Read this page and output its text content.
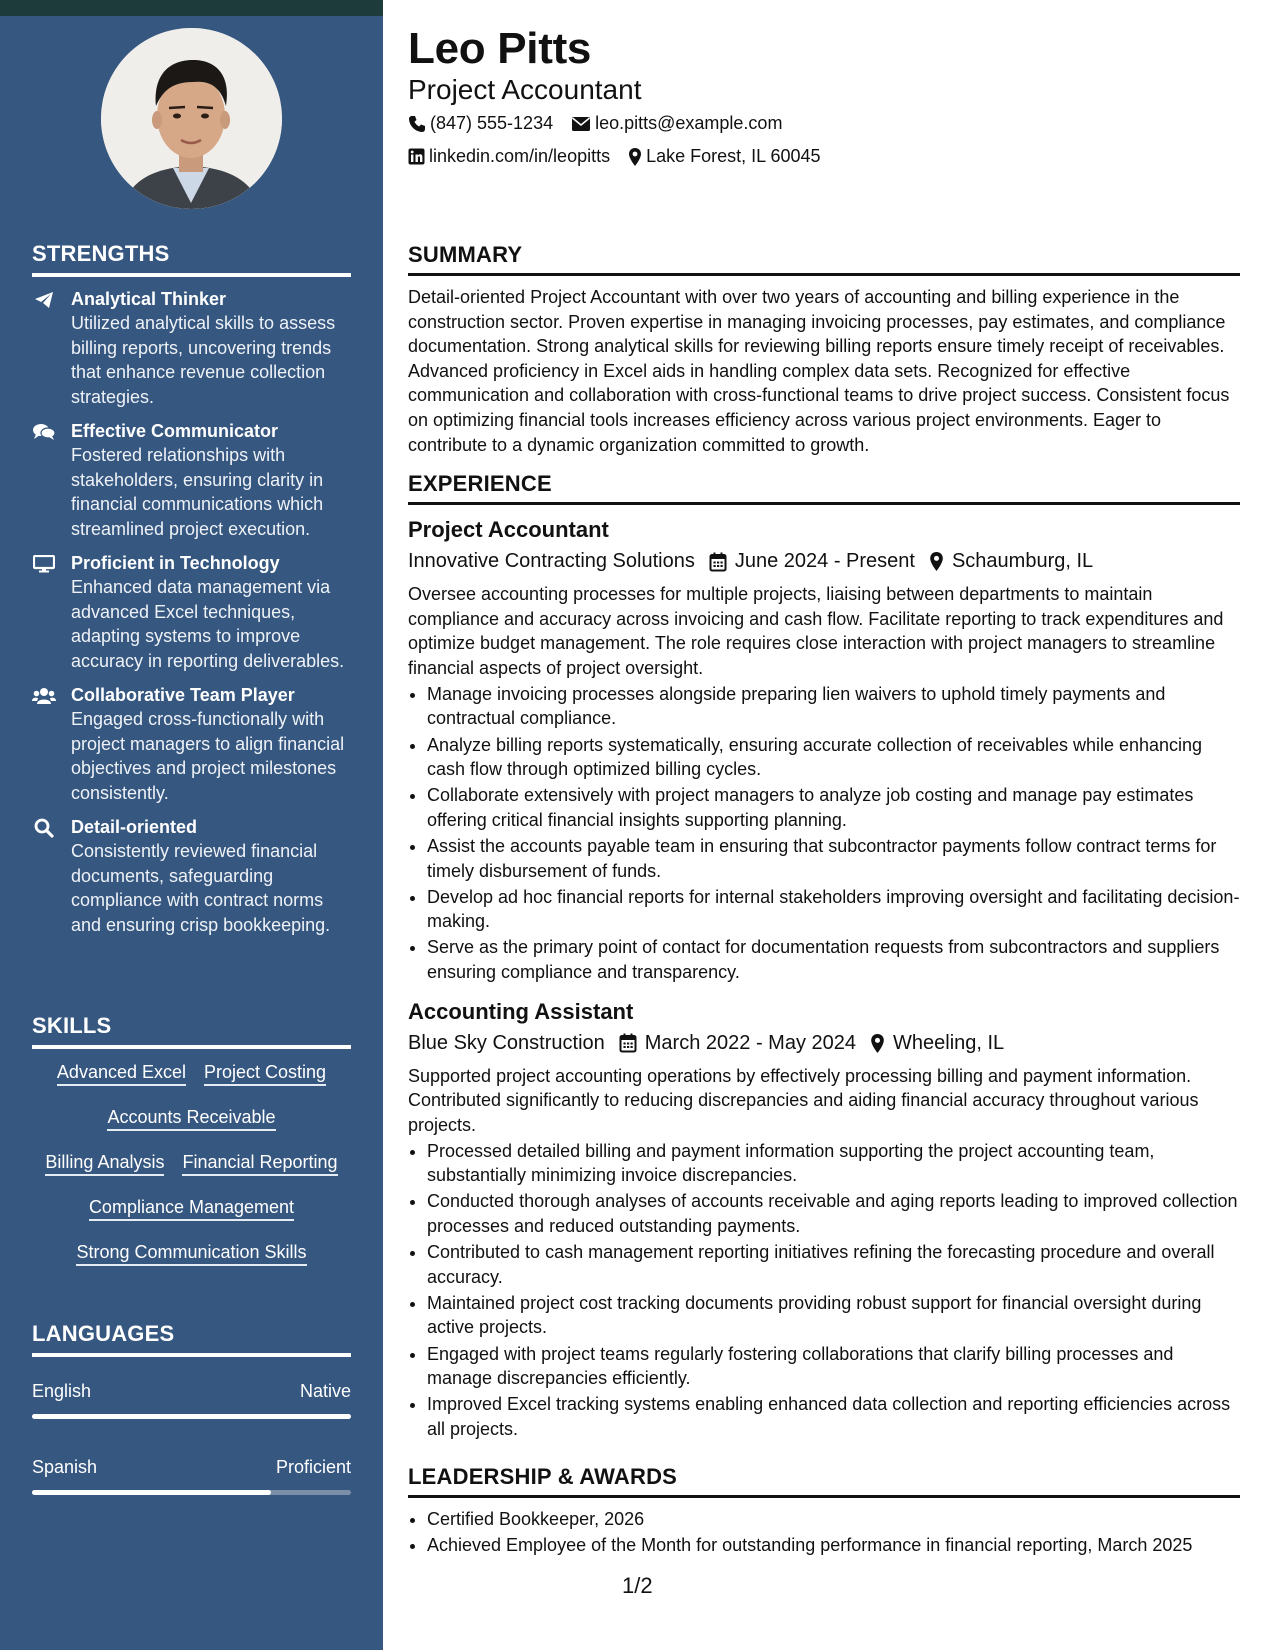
STRENGTHS
Analytical Thinker
Utilized analytical skills to assess billing reports, uncovering trends that enhance revenue collection strategies.
Effective Communicator
Fostered relationships with stakeholders, ensuring clarity in financial communications which streamlined project execution.
Proficient in Technology
Enhanced data management via advanced Excel techniques, adapting systems to improve accuracy in reporting deliverables.
Collaborative Team Player
Engaged cross-functionally with project managers to align financial objectives and project milestones consistently.
Detail-oriented
Consistently reviewed financial documents, safeguarding compliance with contract norms and ensuring crisp bookkeeping.
SKILLS
Advanced Excel Project Costing
Accounts Receivable
Billing Analysis Financial Reporting
Compliance Management
Strong Communication Skills
LANGUAGES
English	Native
Spanish	Proficient
Leo Pitts
Project Accountant
(847) 555-1234 leo.pitts@example.com
linkedin.com/in/leopitts Lake Forest, IL 60045
SUMMARY
Detail-oriented Project Accountant with over two years of accounting and billing experience in the construction sector. Proven expertise in managing invoicing processes, pay estimates, and compliance documentation. Strong analytical skills for reviewing billing reports ensure timely receipt of receivables. Advanced proficiency in Excel aids in handling complex data sets. Recognized for effective communication and collaboration with cross-functional teams to drive project success. Consistent focus on optimizing financial tools increases efficiency across various project environments. Eager to contribute to a dynamic organization committed to growth.
EXPERIENCE
Project Accountant
Innovative Contracting Solutions June 2024 - Present Schaumburg, IL
Oversee accounting processes for multiple projects, liaising between departments to maintain compliance and accuracy across invoicing and cash flow. Facilitate reporting to track expenditures and optimize budget management. The role requires close interaction with project managers to streamline financial aspects of project oversight.
• Manage invoicing processes alongside preparing lien waivers to uphold timely payments and contractual compliance.
• Analyze billing reports systematically, ensuring accurate collection of receivables while enhancing cash flow through optimized billing cycles.
• Collaborate extensively with project managers to analyze job costing and manage pay estimates offering critical financial insights supporting planning.
• Assist the accounts payable team in ensuring that subcontractor payments follow contract terms for timely disbursement of funds.
• Develop ad hoc financial reports for internal stakeholders improving oversight and facilitating decision-making.
• Serve as the primary point of contact for documentation requests from subcontractors and suppliers ensuring compliance and transparency.
Accounting Assistant
Blue Sky Construction March 2022 - May 2024 Wheeling, IL
Supported project accounting operations by effectively processing billing and payment information. Contributed significantly to reducing discrepancies and aiding financial accuracy throughout various projects.
• Processed detailed billing and payment information supporting the project accounting team, substantially minimizing invoice discrepancies.
• Conducted thorough analyses of accounts receivable and aging reports leading to improved collection processes and reduced outstanding payments.
• Contributed to cash management reporting initiatives refining the forecasting procedure and overall accuracy.
• Maintained project cost tracking documents providing robust support for financial oversight during active projects.
• Engaged with project teams regularly fostering collaborations that clarify billing processes and manage discrepancies efficiently.
• Improved Excel tracking systems enabling enhanced data collection and reporting efficiencies across all projects.
LEADERSHIP & AWARDS
• Certified Bookkeeper, 2026
• Achieved Employee of the Month for outstanding performance in financial reporting, March 2025
1/2
